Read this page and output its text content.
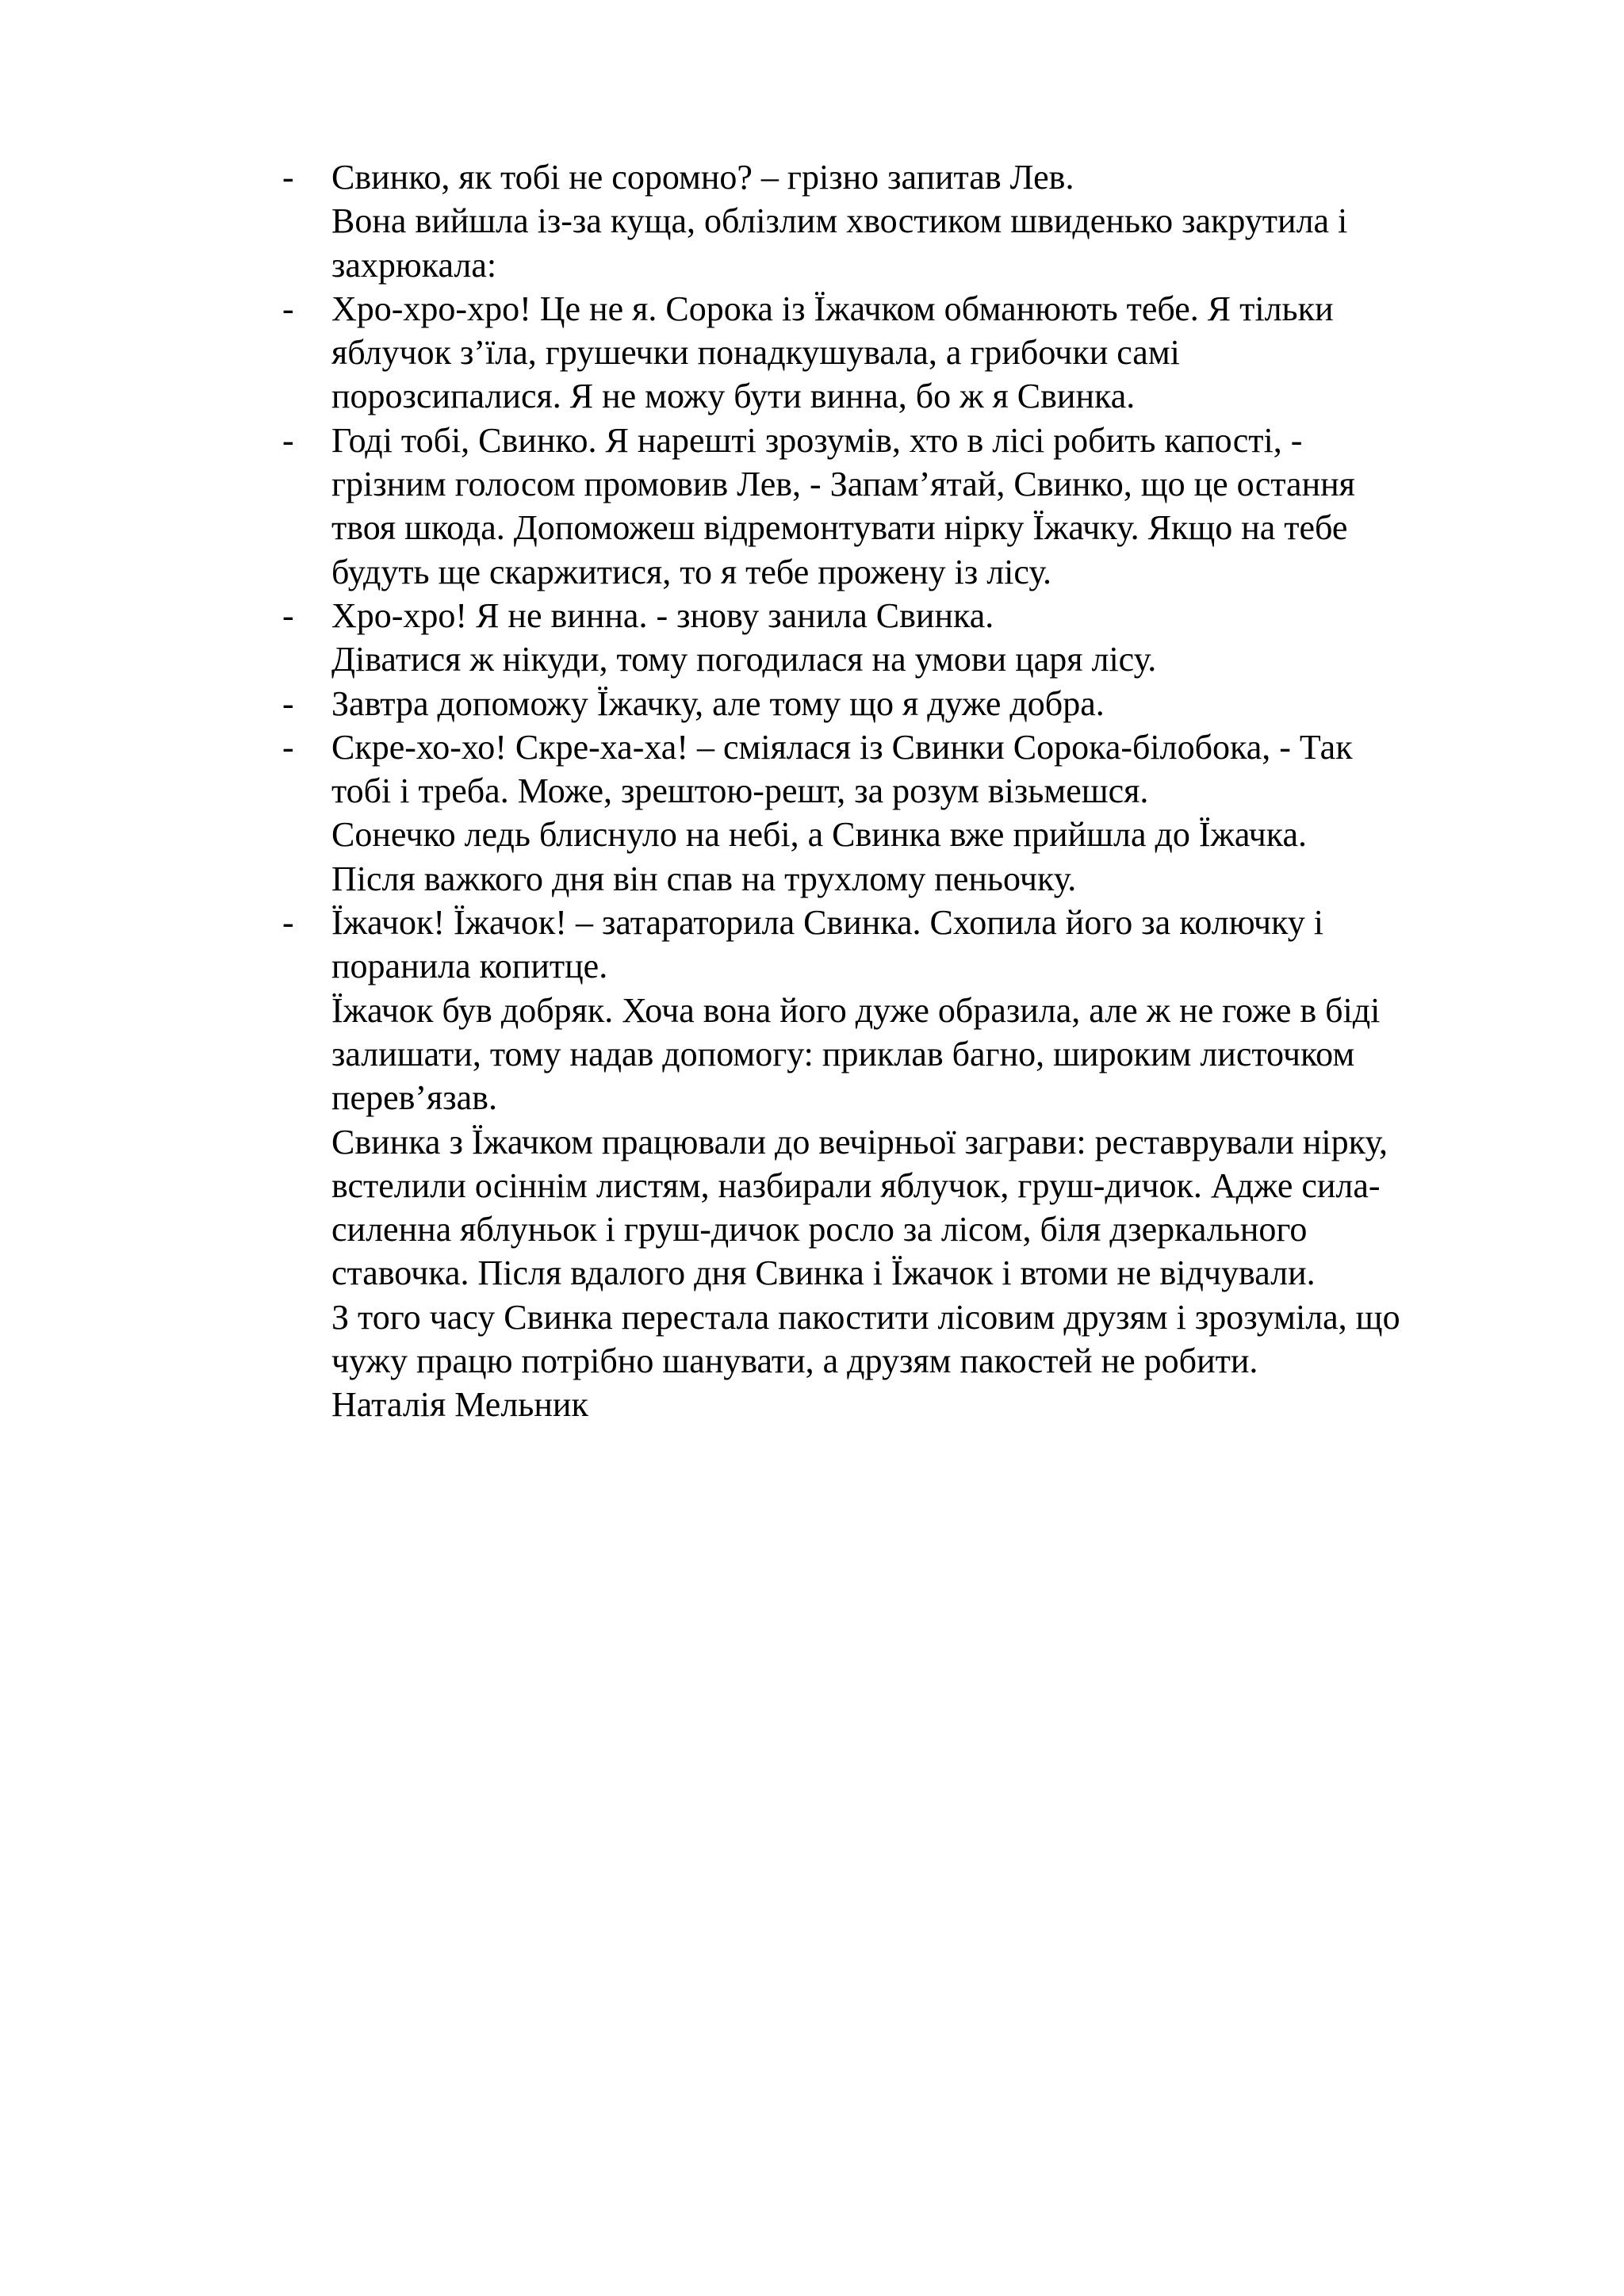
-	Свинко, як тобі не соромно? – грізно запитав Лев.
Вона вийшла із-за куща, облізлим хвостиком швиденько закрутила і
захрюкала:
-	Хро-хро-хро! Це не я. Сорока із Їжачком обманюють тебе. Я тільки
яблучок з’їла, грушечки понадкушувала, а грибочки самі
порозсипалися. Я не можу бути винна, бо ж я Свинка.
-	Годі тобі, Свинко. Я нарешті зрозумів, хто в лісі робить капості, -
грізним голосом промовив Лев, - Запам’ятай, Свинко, що це остання
твоя шкода. Допоможеш відремонтувати нірку Їжачку. Якщо на тебе
будуть ще скаржитися, то я тебе прожену із лісу.
-	Хро-хро! Я не винна. - знову занила Свинка.
Діватися ж нікуди, тому погодилася на умови царя лісу.
-	Завтра допоможу Їжачку, але тому що я дуже добра.
-	Скре-хо-хо! Скре-ха-ха! – сміялася із Свинки Сорока-білобока, - Так
тобі і треба. Може, зрештою-решт, за розум візьмешся.
Сонечко ледь блиснуло на небі, а Свинка вже прийшла до Їжачка.
Після важкого дня він спав на трухлому пеньочку.
-	Їжачок! Їжачок! – затараторила Свинка. Схопила його за колючку і
поранила копитце.
Їжачок був добряк. Хоча вона його дуже образила, але ж не гоже в біді
залишати, тому надав допомогу: приклав багно, широким листочком
перев’язав.
Свинка з Їжачком працювали до вечірньої заграви: реставрували нірку,
встелили осіннім листям, назбирали яблучок, груш-дичок. Адже сила-
силенна яблуньок і груш-дичок росло за лісом, біля дзеркального
ставочка. Після вдалого дня Свинка і Їжачок і втоми не відчували.
З того часу Свинка перестала пакостити лісовим друзям і зрозуміла, що
чужу працю потрібно шанувати, а друзям пакостей не робити.
Наталія Мельник
